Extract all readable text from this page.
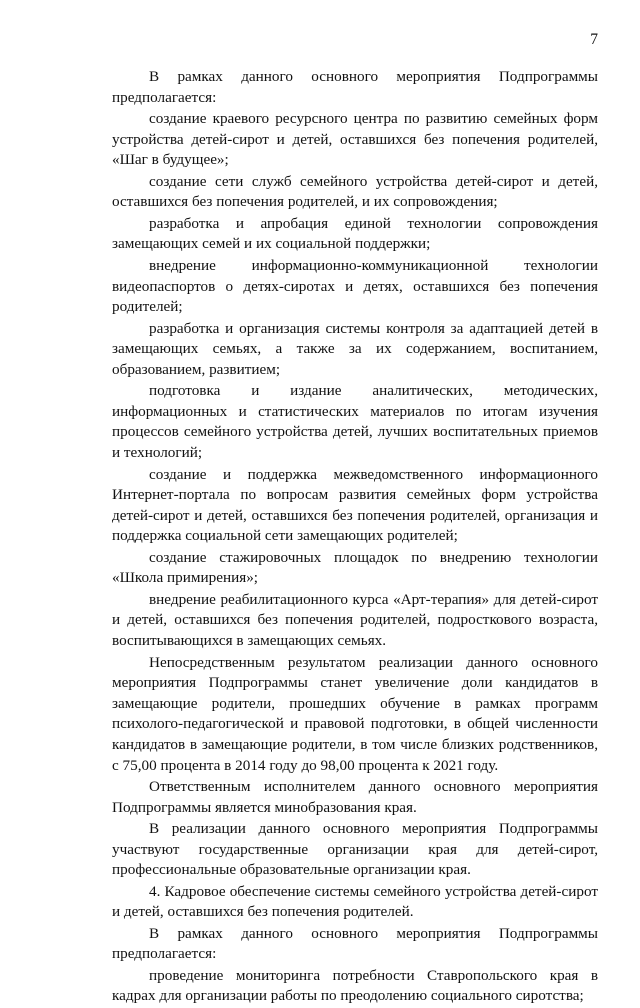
7

В рамках данного основного мероприятия Подпрограммы предполагается:

создание краевого ресурсного центра по развитию семейных форм устройства детей-сирот и детей, оставшихся без попечения родителей, «Шаг в будущее»;

создание сети служб семейного устройства детей-сирот и детей, оставшихся без попечения родителей, и их сопровождения;

разработка и апробация единой технологии сопровождения замещающих семей и их социальной поддержки;

внедрение информационно-коммуникационной технологии видеопаспортов о детях-сиротах и детях, оставшихся без попечения родителей;

разработка и организация системы контроля за адаптацией детей в замещающих семьях, а также за их содержанием, воспитанием, образованием, развитием;

подготовка и издание аналитических, методических, информационных и статистических материалов по итогам изучения процессов семейного устройства детей, лучших воспитательных приемов и технологий;

создание и поддержка межведомственного информационного Интернет-портала по вопросам развития семейных форм устройства детей-сирот и детей, оставшихся без попечения родителей, организация и поддержка социальной сети замещающих родителей;

создание стажировочных площадок по внедрению технологии «Школа примирения»;

внедрение реабилитационного курса «Арт-терапия» для детей-сирот и детей, оставшихся без попечения родителей, подросткового возраста, воспитывающихся в замещающих семьях.

Непосредственным результатом реализации данного основного мероприятия Подпрограммы станет увеличение доли кандидатов в замещающие родители, прошедших обучение в рамках программ психолого-педагогической и правовой подготовки, в общей численности кандидатов в замещающие родители, в том числе близких родственников, с 75,00 процента в 2014 году до 98,00 процента к 2021 году.

Ответственным исполнителем данного основного мероприятия Подпрограммы является минобразования края.

В реализации данного основного мероприятия Подпрограммы участвуют государственные организации края для детей-сирот, профессиональные образовательные организации края.

4. Кадровое обеспечение системы семейного устройства детей-сирот и детей, оставшихся без попечения родителей.

В рамках данного основного мероприятия Подпрограммы предполагается:

проведение мониторинга потребности Ставропольского края в кадрах для организации работы по преодолению социального сиротства;
